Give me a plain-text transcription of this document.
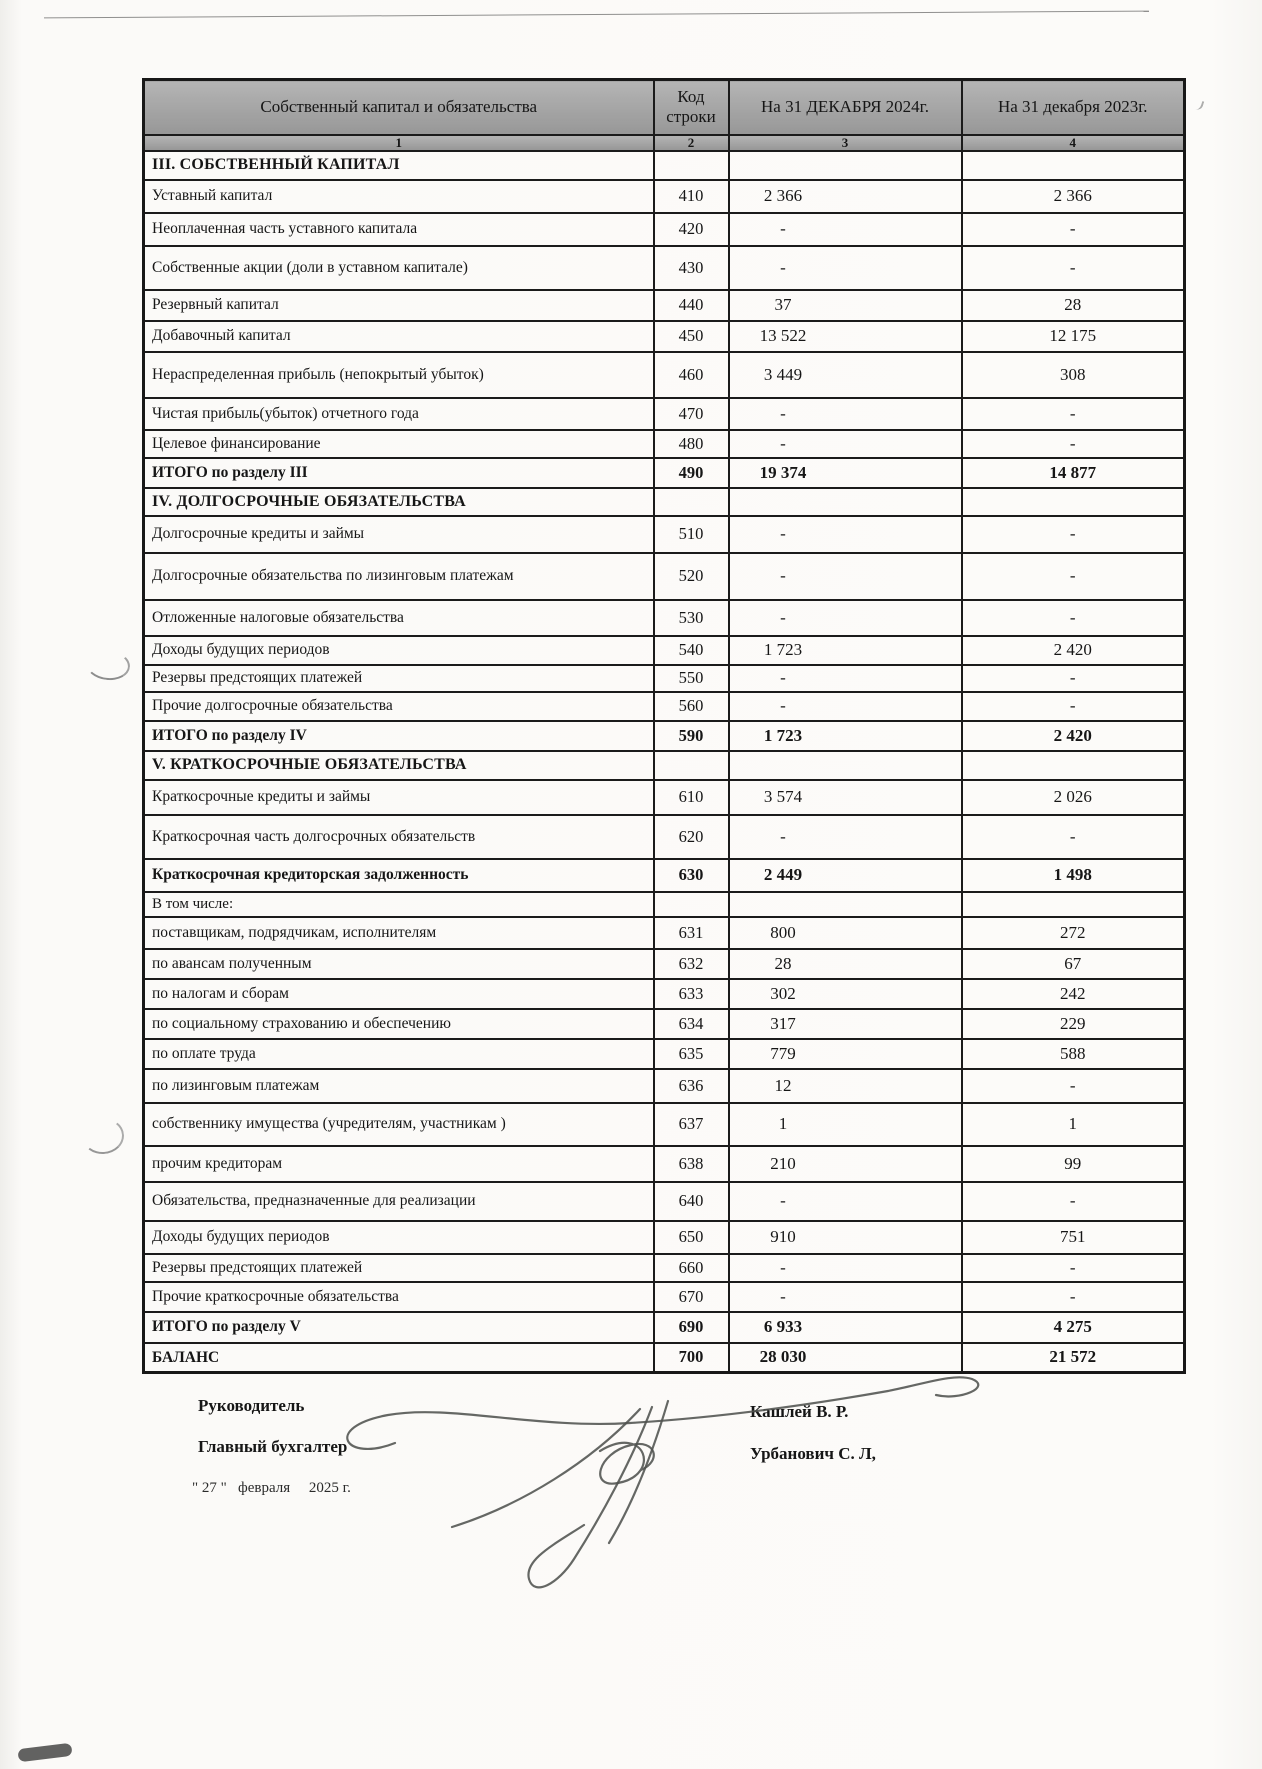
Собственный капитал и обязательства	Код строки	На 31 ДЕКАБРЯ 2024г.	На 31 декабря 2023г.
1	2	3	4
III. СОБСТВЕННЫЙ КАПИТАЛ			
Уставный капитал	410	2 366	2 366
Неоплаченная часть уставного капитала	420	-	-
Собственные акции (доли в уставном капитале)	430	-	-
Резервный капитал	440	37	28
Добавочный капитал	450	13 522	12 175
Нераспределенная прибыль (непокрытый убыток)	460	3 449	308
Чистая прибыль(убыток) отчетного года	470	-	-
Целевое финансирование	480	-	-
ИТОГО по разделу III	490	19 374	14 877
IV. ДОЛГОСРОЧНЫЕ ОБЯЗАТЕЛЬСТВА			
Долгосрочные кредиты и займы	510	-	-
Долгосрочные обязательства по лизинговым платежам	520	-	-
Отложенные налоговые обязательства	530	-	-
Доходы будущих периодов	540	1 723	2 420
Резервы предстоящих платежей	550	-	-
Прочие долгосрочные обязательства	560	-	-
ИТОГО по разделу IV	590	1 723	2 420
V. КРАТКОСРОЧНЫЕ ОБЯЗАТЕЛЬСТВА			
Краткосрочные кредиты и займы	610	3 574	2 026
Краткосрочная часть долгосрочных обязательств	620	-	-
Краткосрочная кредиторская задолженность	630	2 449	1 498
В том числе:			
поставщикам, подрядчикам, исполнителям	631	800	272
по авансам полученным	632	28	67
по налогам и сборам	633	302	242
по социальному страхованию и обеспечению	634	317	229
по оплате труда	635	779	588
по лизинговым платежам	636	12	-
собственнику имущества (учредителям, участникам )	637	1	1
прочим кредиторам	638	210	99
Обязательства, предназначенные для реализации	640	-	-
Доходы будущих периодов	650	910	751
Резервы предстоящих платежей	660	-	-
Прочие краткосрочные обязательства	670	-	-
ИТОГО по разделу V	690	6 933	4 275
БАЛАНС	700	28 030	21 572
Руководитель	Кашлей В. Р.
Главный бухгалтер	Урбанович С. Л,
" 27 "   февраля     2025 г.
